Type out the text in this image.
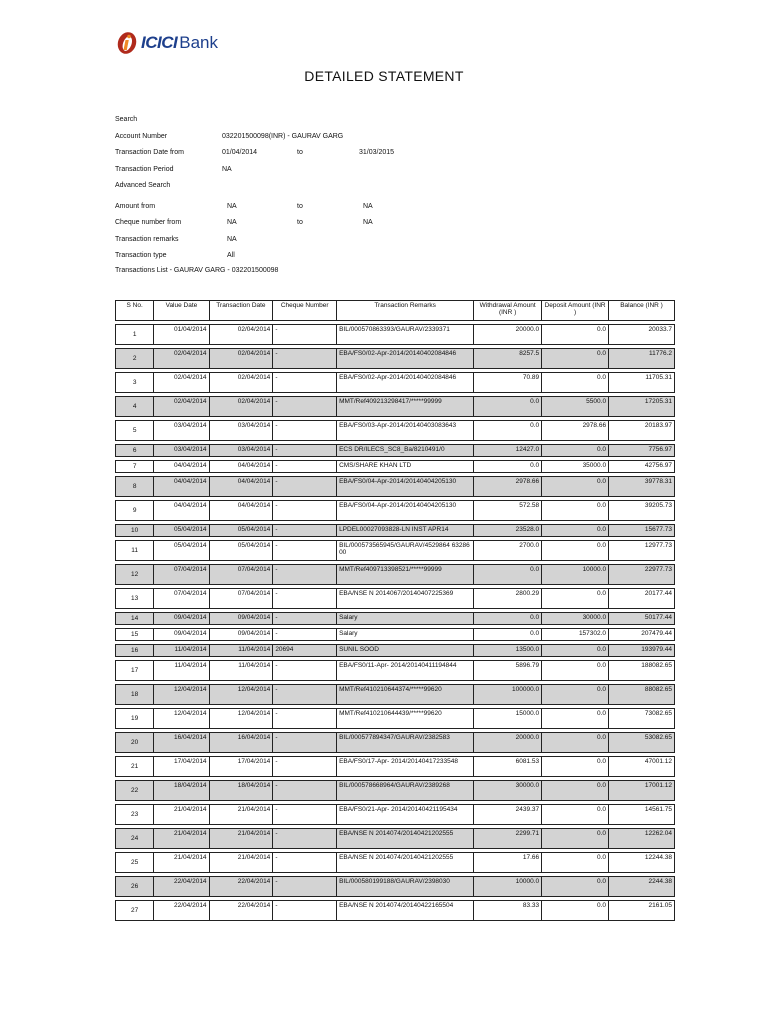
ICICI Bank
DETAILED STATEMENT
Search
Account Number	032201500098(INR) - GAURAV GARG
Transaction Date from	01/04/2014	to	31/03/2015
Transaction Period	NA
Advanced Search
Amount from	NA	to	NA
Cheque number from	NA	to	NA
Transaction remarks	NA
Transaction type	All
Transactions List - GAURAV GARG - 032201500098
S No.	Value Date	Transaction Date	Cheque Number	Transaction Remarks	Withdrawal Amount (INR )	Deposit Amount (INR )	Balance (INR )
1	01/04/2014	02/04/2014	-	BIL/000570863393/GAURAV/2339371	20000.0	0.0	20033.7
2	02/04/2014	02/04/2014	-	EBA/FS0/02-Apr-2014/20140402084846	8257.5	0.0	11776.2
3	02/04/2014	02/04/2014	-	EBA/FS0/02-Apr-2014/20140402084846	70.89	0.0	11705.31
4	02/04/2014	02/04/2014	-	MMT/Ref409213298417/*****99999	0.0	5500.0	17205.31
5	03/04/2014	03/04/2014	-	EBA/FS0/03-Apr-2014/20140403083643	0.0	2978.66	20183.97
6	03/04/2014	03/04/2014	-	ECS DR/ILECS_SC8_Ba/8210491/0	12427.0	0.0	7756.97
7	04/04/2014	04/04/2014	-	CMS/SHARE KHAN LTD	0.0	35000.0	42756.97
8	04/04/2014	04/04/2014	-	EBA/FS0/04-Apr-2014/20140404205130	2978.66	0.0	39778.31
9	04/04/2014	04/04/2014	-	EBA/FS0/04-Apr-2014/20140404205130	572.58	0.0	39205.73
10	05/04/2014	05/04/2014	-	LPDEL00027093828-LN INST APR14	23528.0	0.0	15677.73
11	05/04/2014	05/04/2014	-	BIL/000573565945/GAURAV/4529864 6328600	2700.0	0.0	12977.73
12	07/04/2014	07/04/2014	-	MMT/Ref409713398521/*****99999	0.0	10000.0	22977.73
13	07/04/2014	07/04/2014	-	EBA/NSE N 2014067/20140407225369	2800.29	0.0	20177.44
14	09/04/2014	09/04/2014	-	Salary	0.0	30000.0	50177.44
15	09/04/2014	09/04/2014	-	Salary	0.0	157302.0	207479.44
16	11/04/2014	11/04/2014	20694	SUNIL SOOD	13500.0	0.0	193979.44
17	11/04/2014	11/04/2014	-	EBA/FS0/11-Apr- 2014/20140411194844	5896.79	0.0	188082.65
18	12/04/2014	12/04/2014	-	MMT/Ref410210644374/*****99620	100000.0	0.0	88082.65
19	12/04/2014	12/04/2014	-	MMT/Ref410210644439/*****99620	15000.0	0.0	73082.65
20	16/04/2014	16/04/2014	-	BIL/000577894347/GAURAV/2382583	20000.0	0.0	53082.65
21	17/04/2014	17/04/2014	-	EBA/FS0/17-Apr- 2014/20140417233548	6081.53	0.0	47001.12
22	18/04/2014	18/04/2014	-	BIL/000578668964/GAURAV/2389268	30000.0	0.0	17001.12
23	21/04/2014	21/04/2014	-	EBA/FS0/21-Apr- 2014/20140421195434	2439.37	0.0	14561.75
24	21/04/2014	21/04/2014	-	EBA/NSE N 2014074/20140421202555	2299.71	0.0	12262.04
25	21/04/2014	21/04/2014	-	EBA/NSE N 2014074/20140421202555	17.66	0.0	12244.38
26	22/04/2014	22/04/2014	-	BIL/000580199188/GAURAV/2398030	10000.0	0.0	2244.38
27	22/04/2014	22/04/2014	-	EBA/NSE N 2014074/20140422165504	83.33	0.0	2161.05
